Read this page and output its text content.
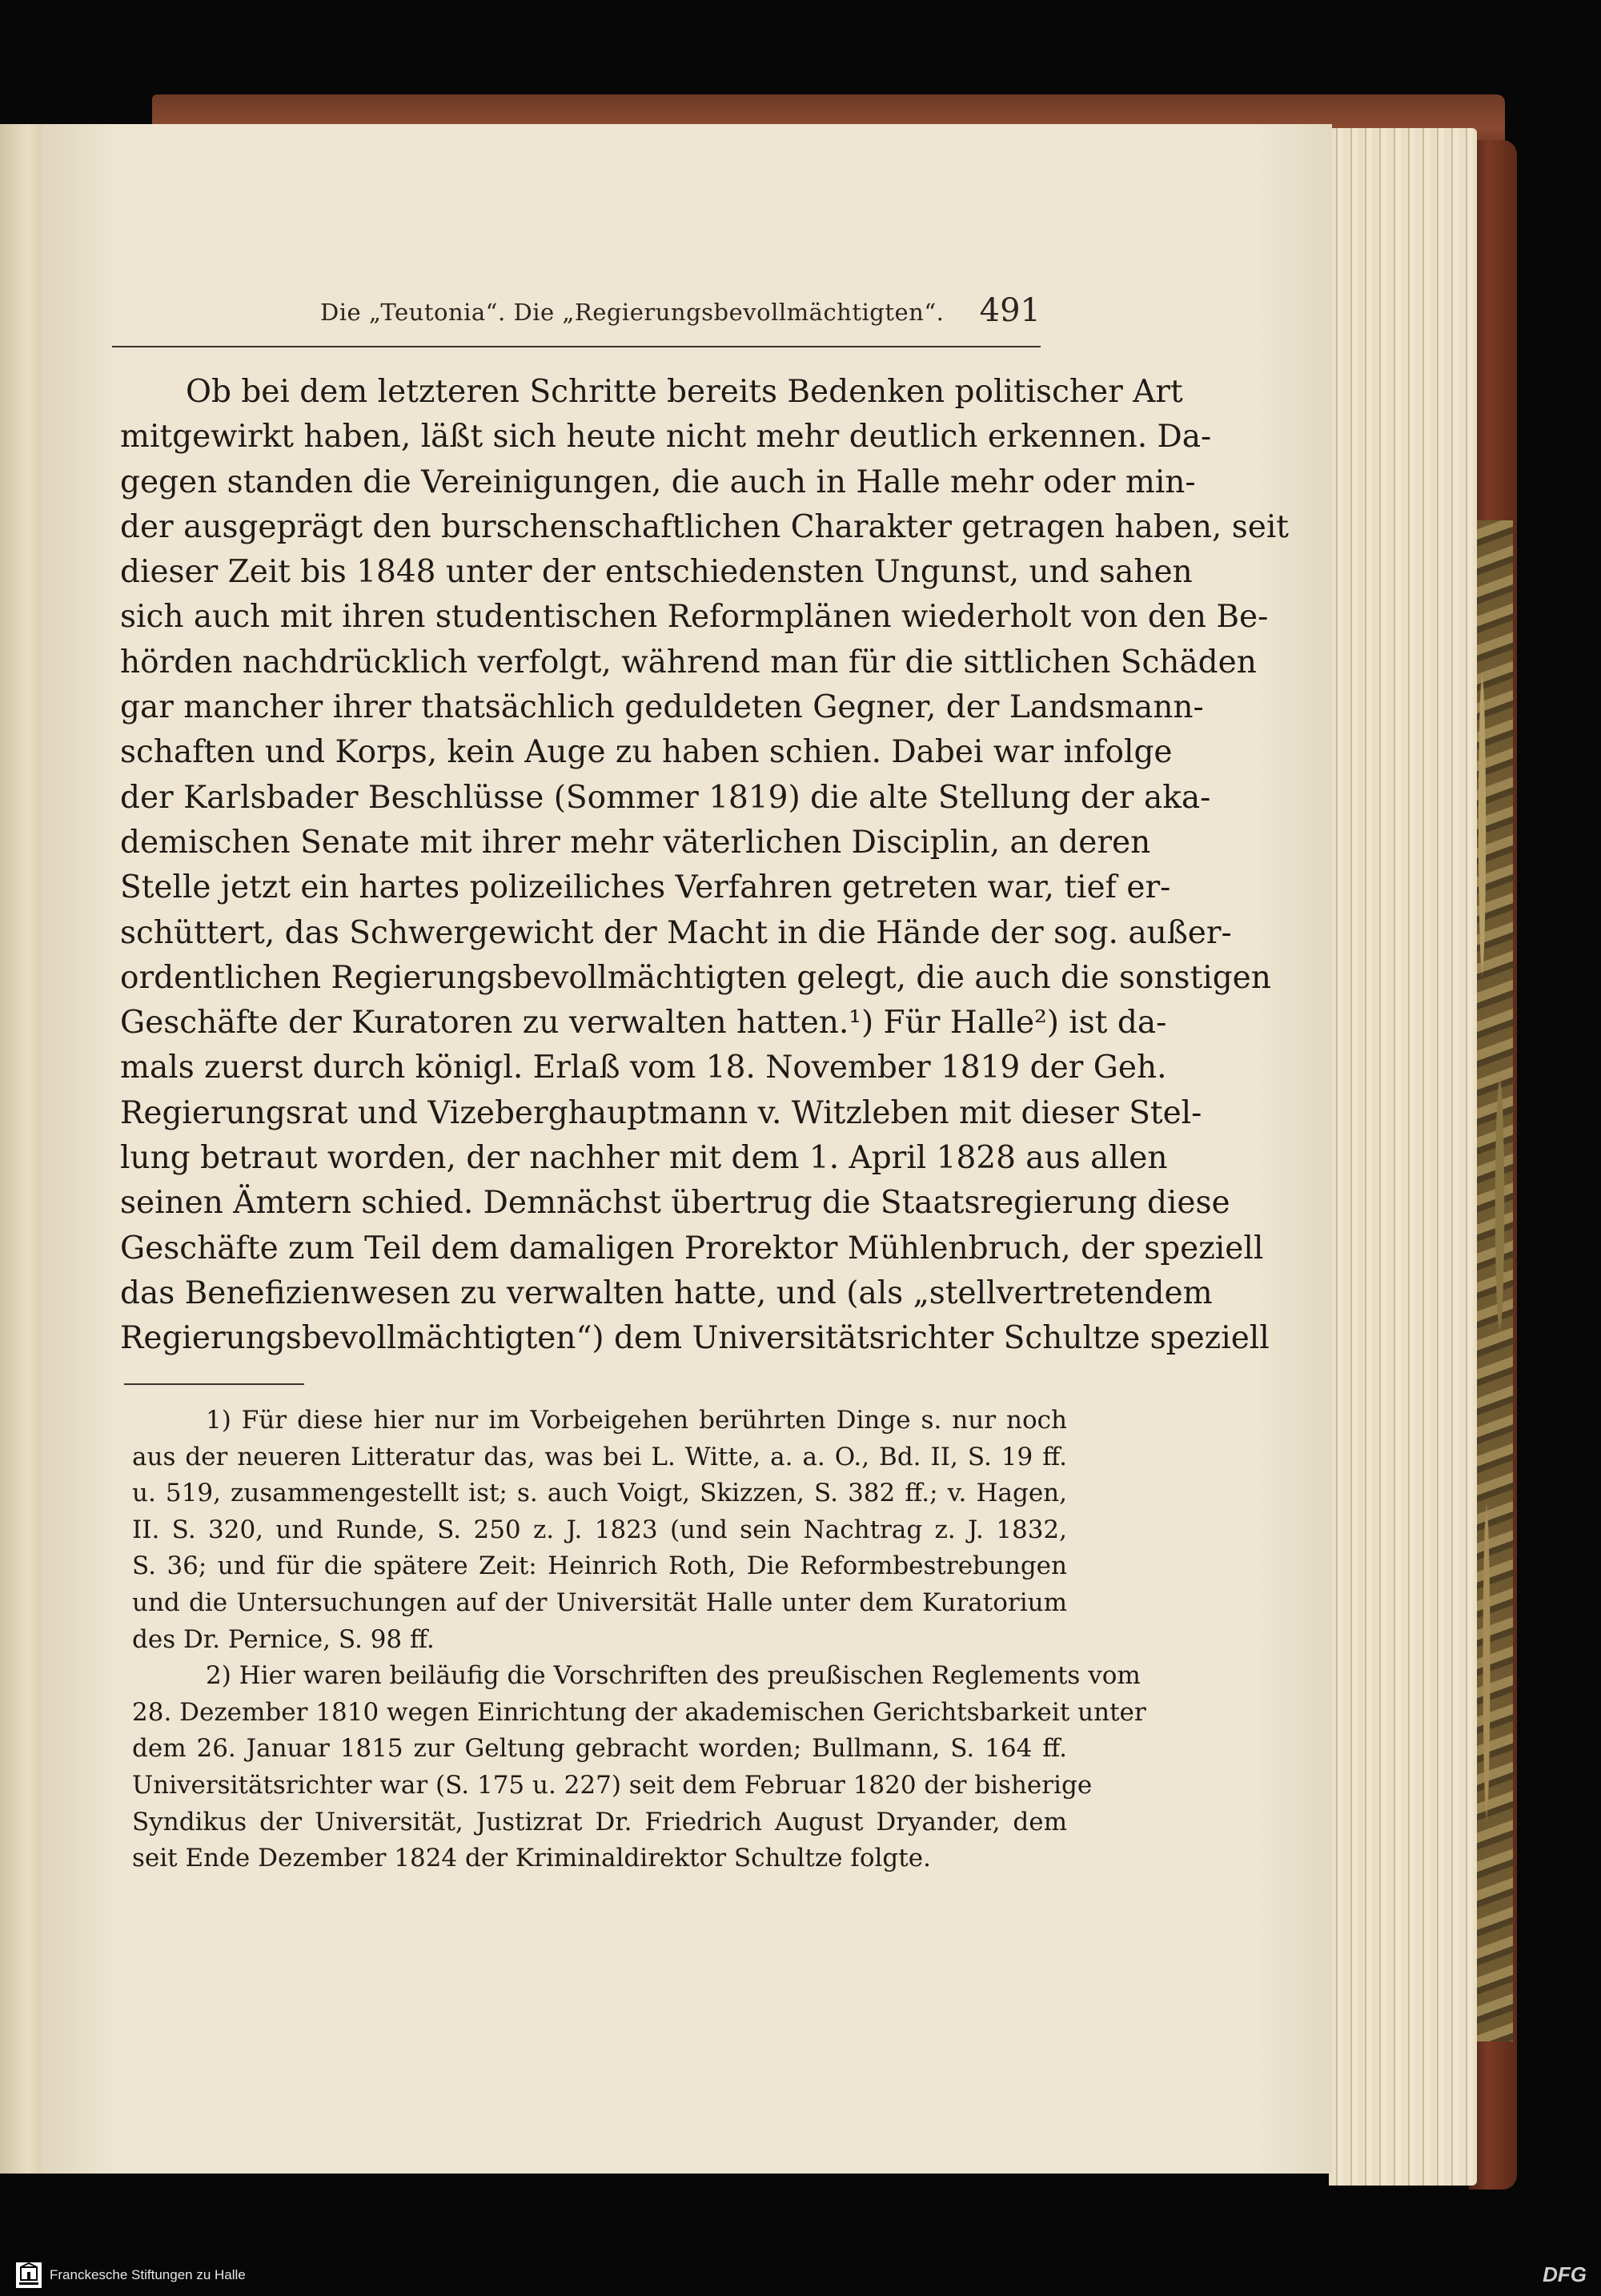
Die „Teutonia“. Die „Regierungsbevollmächtigten“. 491
Ob bei dem letzteren Schritte bereits Bedenken politischer Art
mitgewirkt haben, läßt sich heute nicht mehr deutlich erkennen. Da-
gegen standen die Vereinigungen, die auch in Halle mehr oder min-
der ausgeprägt den burschenschaftlichen Charakter getragen haben, seit
dieser Zeit bis 1848 unter der entschiedensten Ungunst, und sahen
sich auch mit ihren studentischen Reformplänen wiederholt von den Be-
hörden nachdrücklich verfolgt, während man für die sittlichen Schäden
gar mancher ihrer thatsächlich geduldeten Gegner, der Landsmann-
schaften und Korps, kein Auge zu haben schien. Dabei war infolge
der Karlsbader Beschlüsse (Sommer 1819) die alte Stellung der aka-
demischen Senate mit ihrer mehr väterlichen Disciplin, an deren
Stelle jetzt ein hartes polizeiliches Verfahren getreten war, tief er-
schüttert, das Schwergewicht der Macht in die Hände der sog. außer-
ordentlichen Regierungsbevollmächtigten gelegt, die auch die sonstigen
Geschäfte der Kuratoren zu verwalten hatten.¹) Für Halle²) ist da-
mals zuerst durch königl. Erlaß vom 18. November 1819 der Geh.
Regierungsrat und Vizeberghauptmann v. Witzleben mit dieser Stel-
lung betraut worden, der nachher mit dem 1. April 1828 aus allen
seinen Ämtern schied. Demnächst übertrug die Staatsregierung diese
Geschäfte zum Teil dem damaligen Prorektor Mühlenbruch, der speziell
das Benefizienwesen zu verwalten hatte, und (als „stellvertretendem
Regierungsbevollmächtigten“) dem Universitätsrichter Schultze speziell
1) Für diese hier nur im Vorbeigehen berührten Dinge s. nur noch
aus der neueren Litteratur das, was bei L. Witte, a. a. O., Bd. II, S. 19 ff.
u. 519, zusammengestellt ist; s. auch Voigt, Skizzen, S. 382 ff.; v. Hagen,
II. S. 320, und Runde, S. 250 z. J. 1823 (und sein Nachtrag z. J. 1832,
S. 36; und für die spätere Zeit: Heinrich Roth, Die Reformbestrebungen
und die Untersuchungen auf der Universität Halle unter dem Kuratorium
des Dr. Pernice, S. 98 ff.
2) Hier waren beiläufig die Vorschriften des preußischen Reglements vom
28. Dezember 1810 wegen Einrichtung der akademischen Gerichtsbarkeit unter
dem 26. Januar 1815 zur Geltung gebracht worden; Bullmann, S. 164 ff.
Universitätsrichter war (S. 175 u. 227) seit dem Februar 1820 der bisherige
Syndikus der Universität, Justizrat Dr. Friedrich August Dryander, dem
seit Ende Dezember 1824 der Kriminaldirektor Schultze folgte.
Franckesche Stiftungen zu Halle	DFG
